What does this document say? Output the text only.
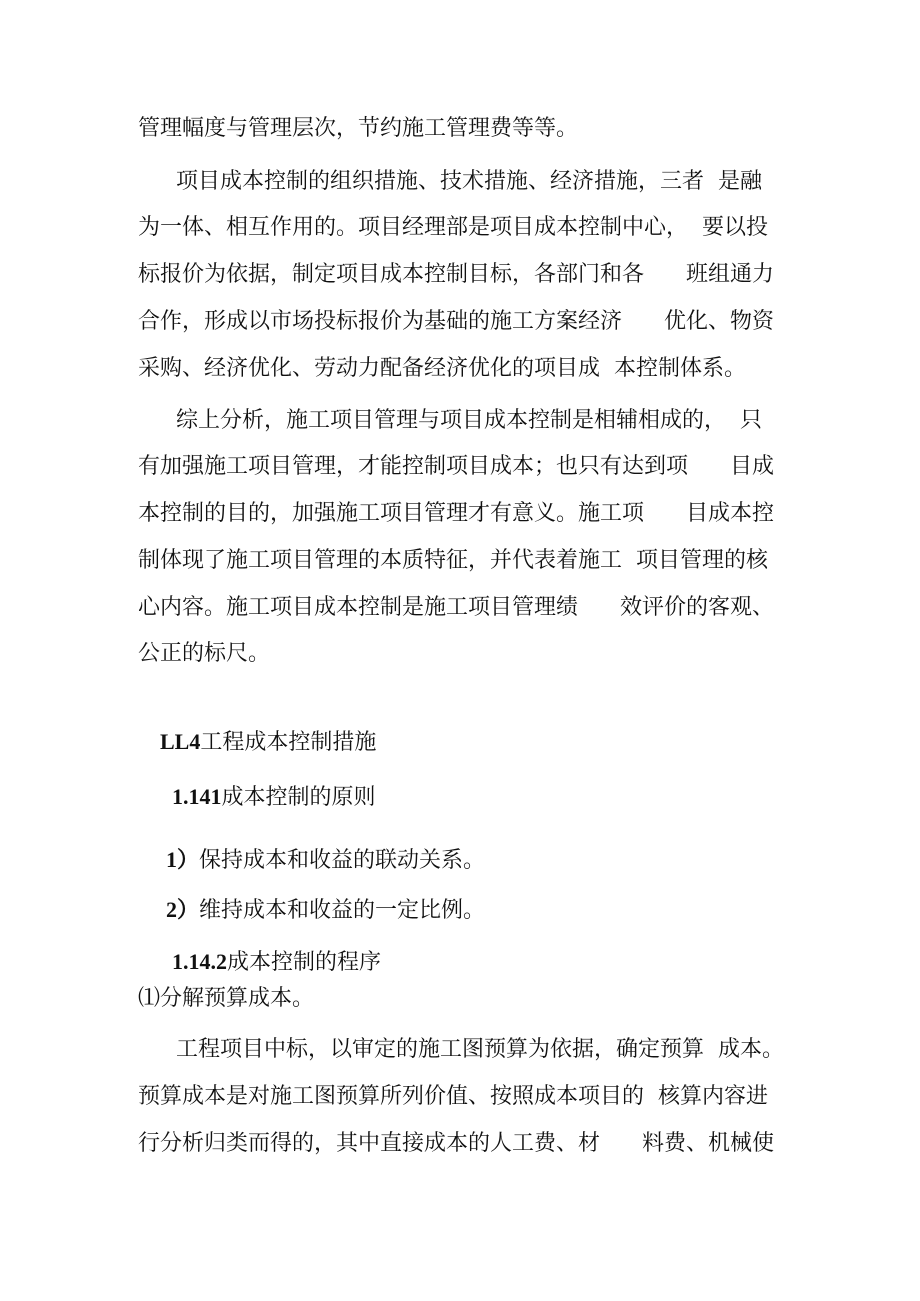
管理幅度与管理层次，节约施工管理费等等。
项目成本控制的组织措施、技术措施、经济措施，三者  是融
为一体、相互作用的。项目经理部是项目成本控制中心，  要以投
标报价为依据，制定项目成本控制目标，各部门和各      班组通力
合作，形成以市场投标报价为基础的施工方案经济      优化、物资
采购、经济优化、劳动力配备经济优化的项目成  本控制体系。
综上分析，施工项目管理与项目成本控制是相辅相成的，  只
有加强施工项目管理，才能控制项目成本；也只有达到项      目成
本控制的目的，加强施工项目管理才有意义。施工项      目成本控
制体现了施工项目管理的本质特征，并代表着施工  项目管理的核
心内容。施工项目成本控制是施工项目管理绩      效评价的客观、
公正的标尺。

LL4工程成本控制措施

1.141成本控制的原则

1）保持成本和收益的联动关系。

2）维持成本和收益的一定比例。

1.14.2成本控制的程序

⑴分解预算成本。
工程项目中标，以审定的施工图预算为依据，确定预算  成本。
预算成本是对施工图预算所列价值、按照成本项目的  核算内容进
行分析归类而得的，其中直接成本的人工费、材      料费、机械使
